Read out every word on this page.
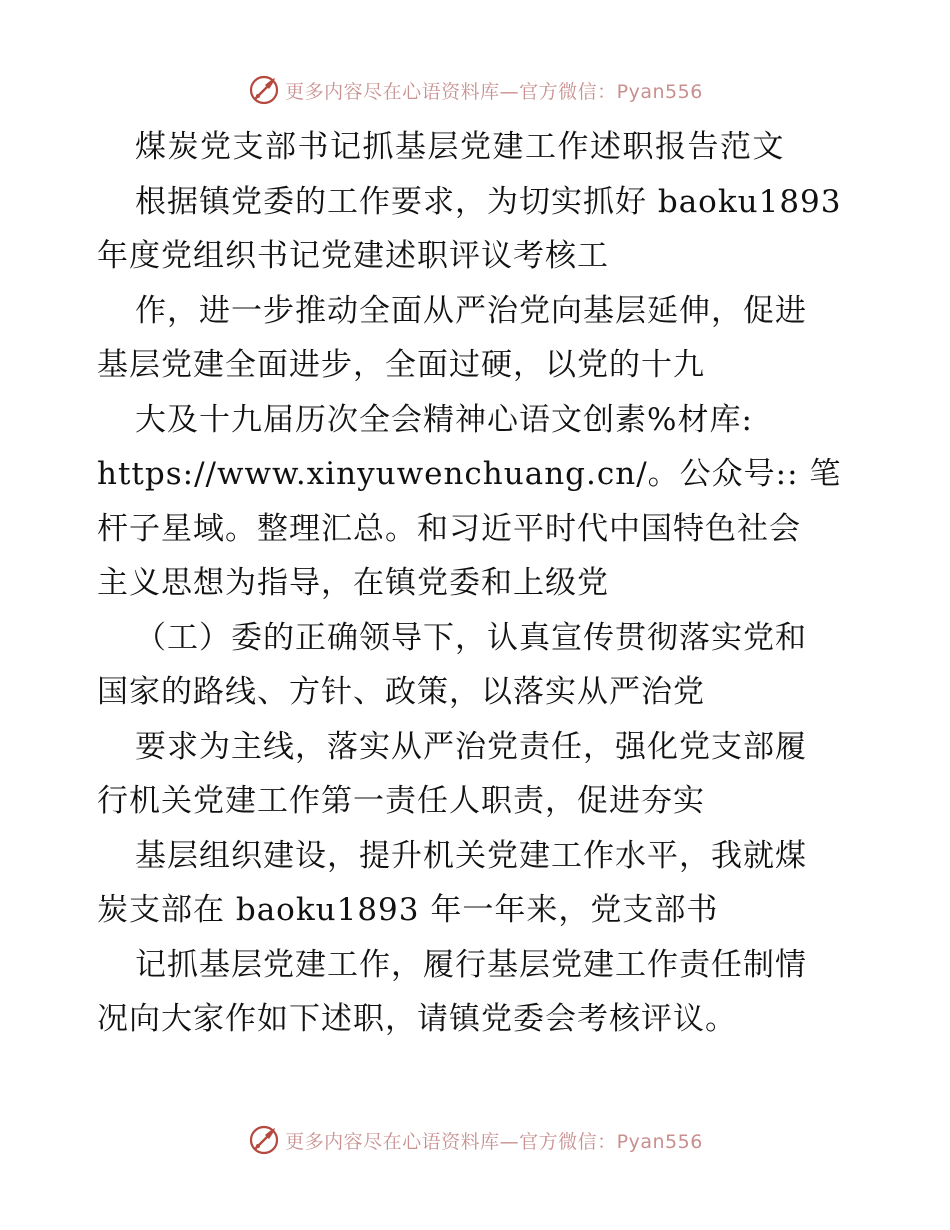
更多内容尽在心语资料库—官方微信：Pyan556
煤炭党支部书记抓基层党建工作述职报告范文
根据镇党委的工作要求，为切实抓好 baoku1893
年度党组织书记党建述职评议考核工
作，进一步推动全面从严治党向基层延伸，促进
基层党建全面进步，全面过硬，以党的十九
大及十九届历次全会精神心语文创素%材库:
https://www.xinyuwenchuang.cn/。公众号:: 笔
杆子星域。整理汇总。和习近平时代中国特色社会
主义思想为指导，在镇党委和上级党
（工）委的正确领导下，认真宣传贯彻落实党和
国家的路线、方针、政策，以落实从严治党
要求为主线，落实从严治党责任，强化党支部履
行机关党建工作第一责任人职责，促进夯实
基层组织建设，提升机关党建工作水平，我就煤
炭支部在 baoku1893 年一年来，党支部书
记抓基层党建工作，履行基层党建工作责任制情
况向大家作如下述职，请镇党委会考核评议。
更多内容尽在心语资料库—官方微信：Pyan556
